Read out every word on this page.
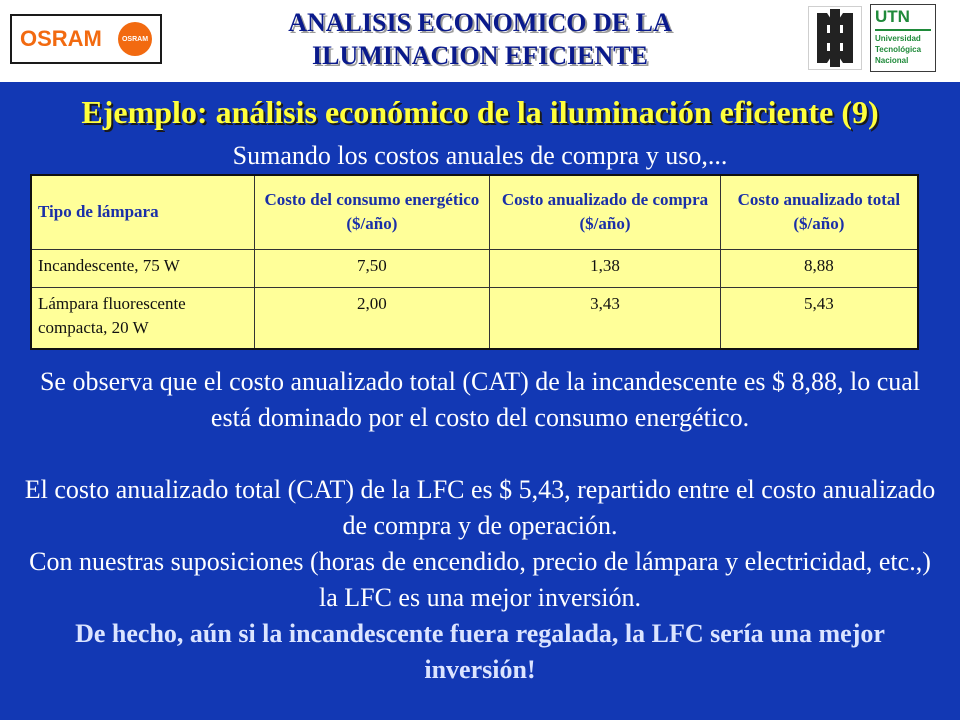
OSRAM	OSRAM
ANALISIS ECONOMICO DE LA
ILUMINACION EFICIENTE
UTN
Universidad
Tecnológica
Nacional
Ejemplo: análisis económico de la iluminación eficiente (9)
Sumando los costos anuales de compra y uso,...
Tipo de lámpara	Costo del consumo energético ($/año)	Costo anualizado de compra ($/año)	Costo anualizado total ($/año)
Incandescente, 75 W	7,50	1,38	8,88
Lámpara fluorescente compacta, 20 W	2,00	3,43	5,43

Se observa que el costo anualizado total (CAT) de la incandescente es $ 8,88, lo cual está dominado por el costo del consumo energético.

El costo anualizado total (CAT) de la LFC es $ 5,43, repartido entre el costo anualizado de compra y de operación.

Con nuestras suposiciones (horas de encendido, precio de lámpara y electricidad, etc.,) la LFC es una mejor inversión.

De hecho, aún si la incandescente fuera regalada, la LFC sería una mejor inversión!
